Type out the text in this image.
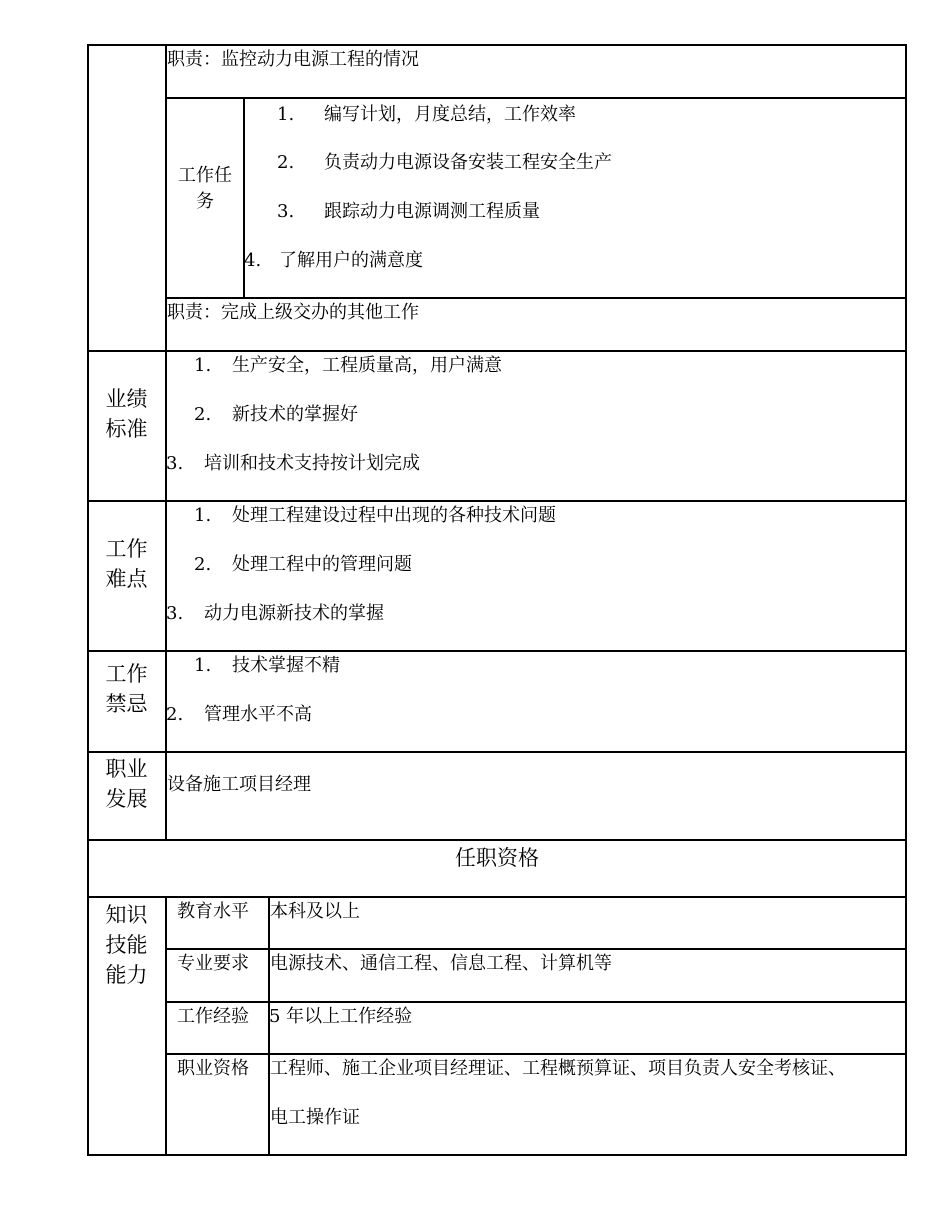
职责：监控动力电源工程的情况
工作任务
1. 编写计划，月度总结，工作效率
2. 负责动力电源设备安装工程安全生产
3. 跟踪动力电源调测工程质量
4. 了解用户的满意度
职责：完成上级交办的其他工作
业绩标准
1. 生产安全，工程质量高，用户满意
2. 新技术的掌握好
3. 培训和技术支持按计划完成
工作难点
1. 处理工程建设过程中出现的各种技术问题
2. 处理工程中的管理问题
3. 动力电源新技术的掌握
工作禁忌
1. 技术掌握不精
2. 管理水平不高
职业发展
设备施工项目经理
任职资格
知识技能能力
教育水平 本科及以上
专业要求 电源技术、通信工程、信息工程、计算机等
工作经验 5 年以上工作经验
职业资格 工程师、施工企业项目经理证、工程概预算证、项目负责人安全考核证、
电工操作证
